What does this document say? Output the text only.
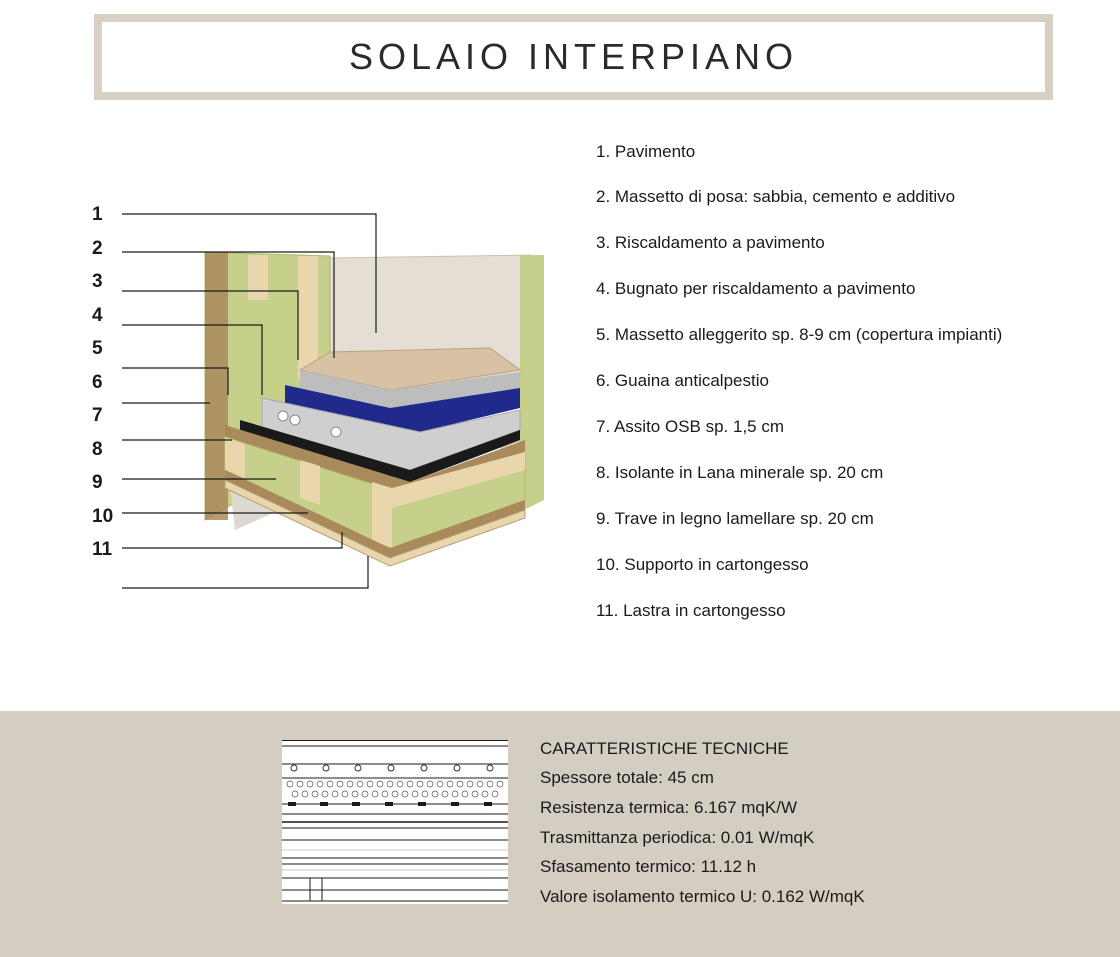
SOLAIO INTERPIANO
1
2
3
4
5
6
7
8
9
10
11
1. Pavimento
2. Massetto di posa: sabbia, cemento e additivo
3. Riscaldamento a pavimento
4. Bugnato per riscaldamento a pavimento
5. Massetto alleggerito sp. 8-9 cm (copertura impianti)
6. Guaina anticalpestio
7. Assito OSB sp. 1,5 cm
8. Isolante in Lana minerale sp. 20 cm
9. Trave in legno lamellare sp. 20 cm
10. Supporto in cartongesso
11. Lastra in cartongesso
CARATTERISTICHE TECNICHE
Spessore totale: 45 cm
Resistenza termica: 6.167 mqK/W
Trasmittanza periodica: 0.01 W/mqK
Sfasamento termico: 11.12 h
Valore isolamento termico U: 0.162 W/mqK
